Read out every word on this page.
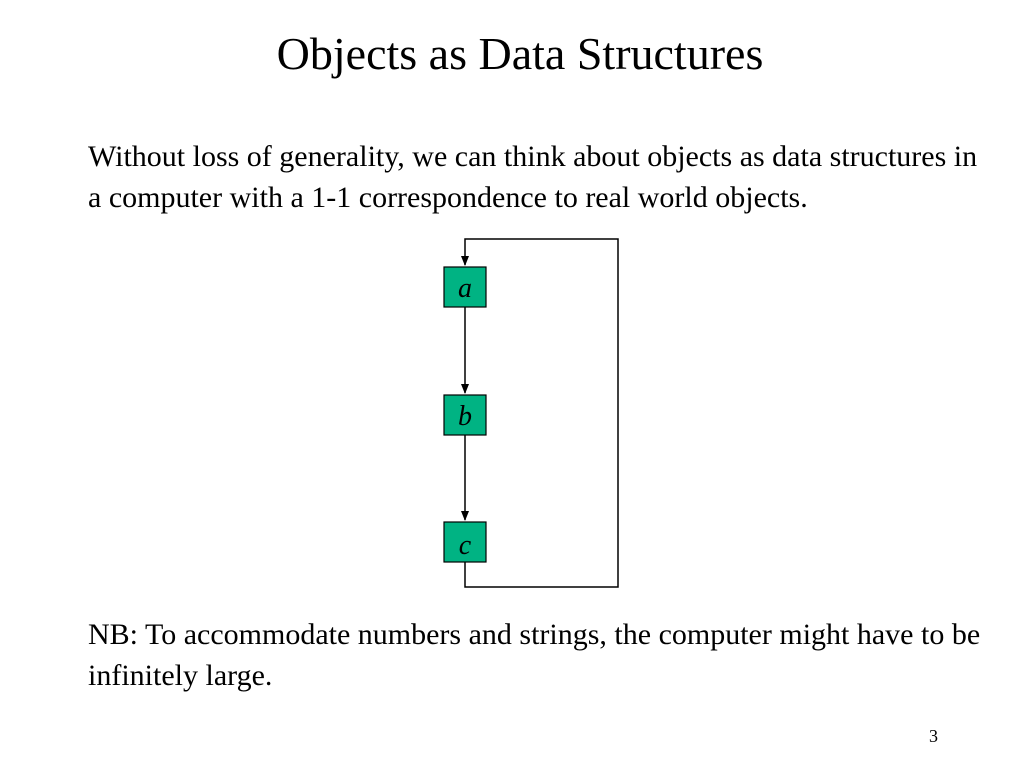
Objects as Data Structures

Without loss of generality, we can think about objects as data structures in a computer with a 1-1 correspondence to real world objects.

a
b
c

NB: To accommodate numbers and strings, the computer might have to be infinitely large.

3
